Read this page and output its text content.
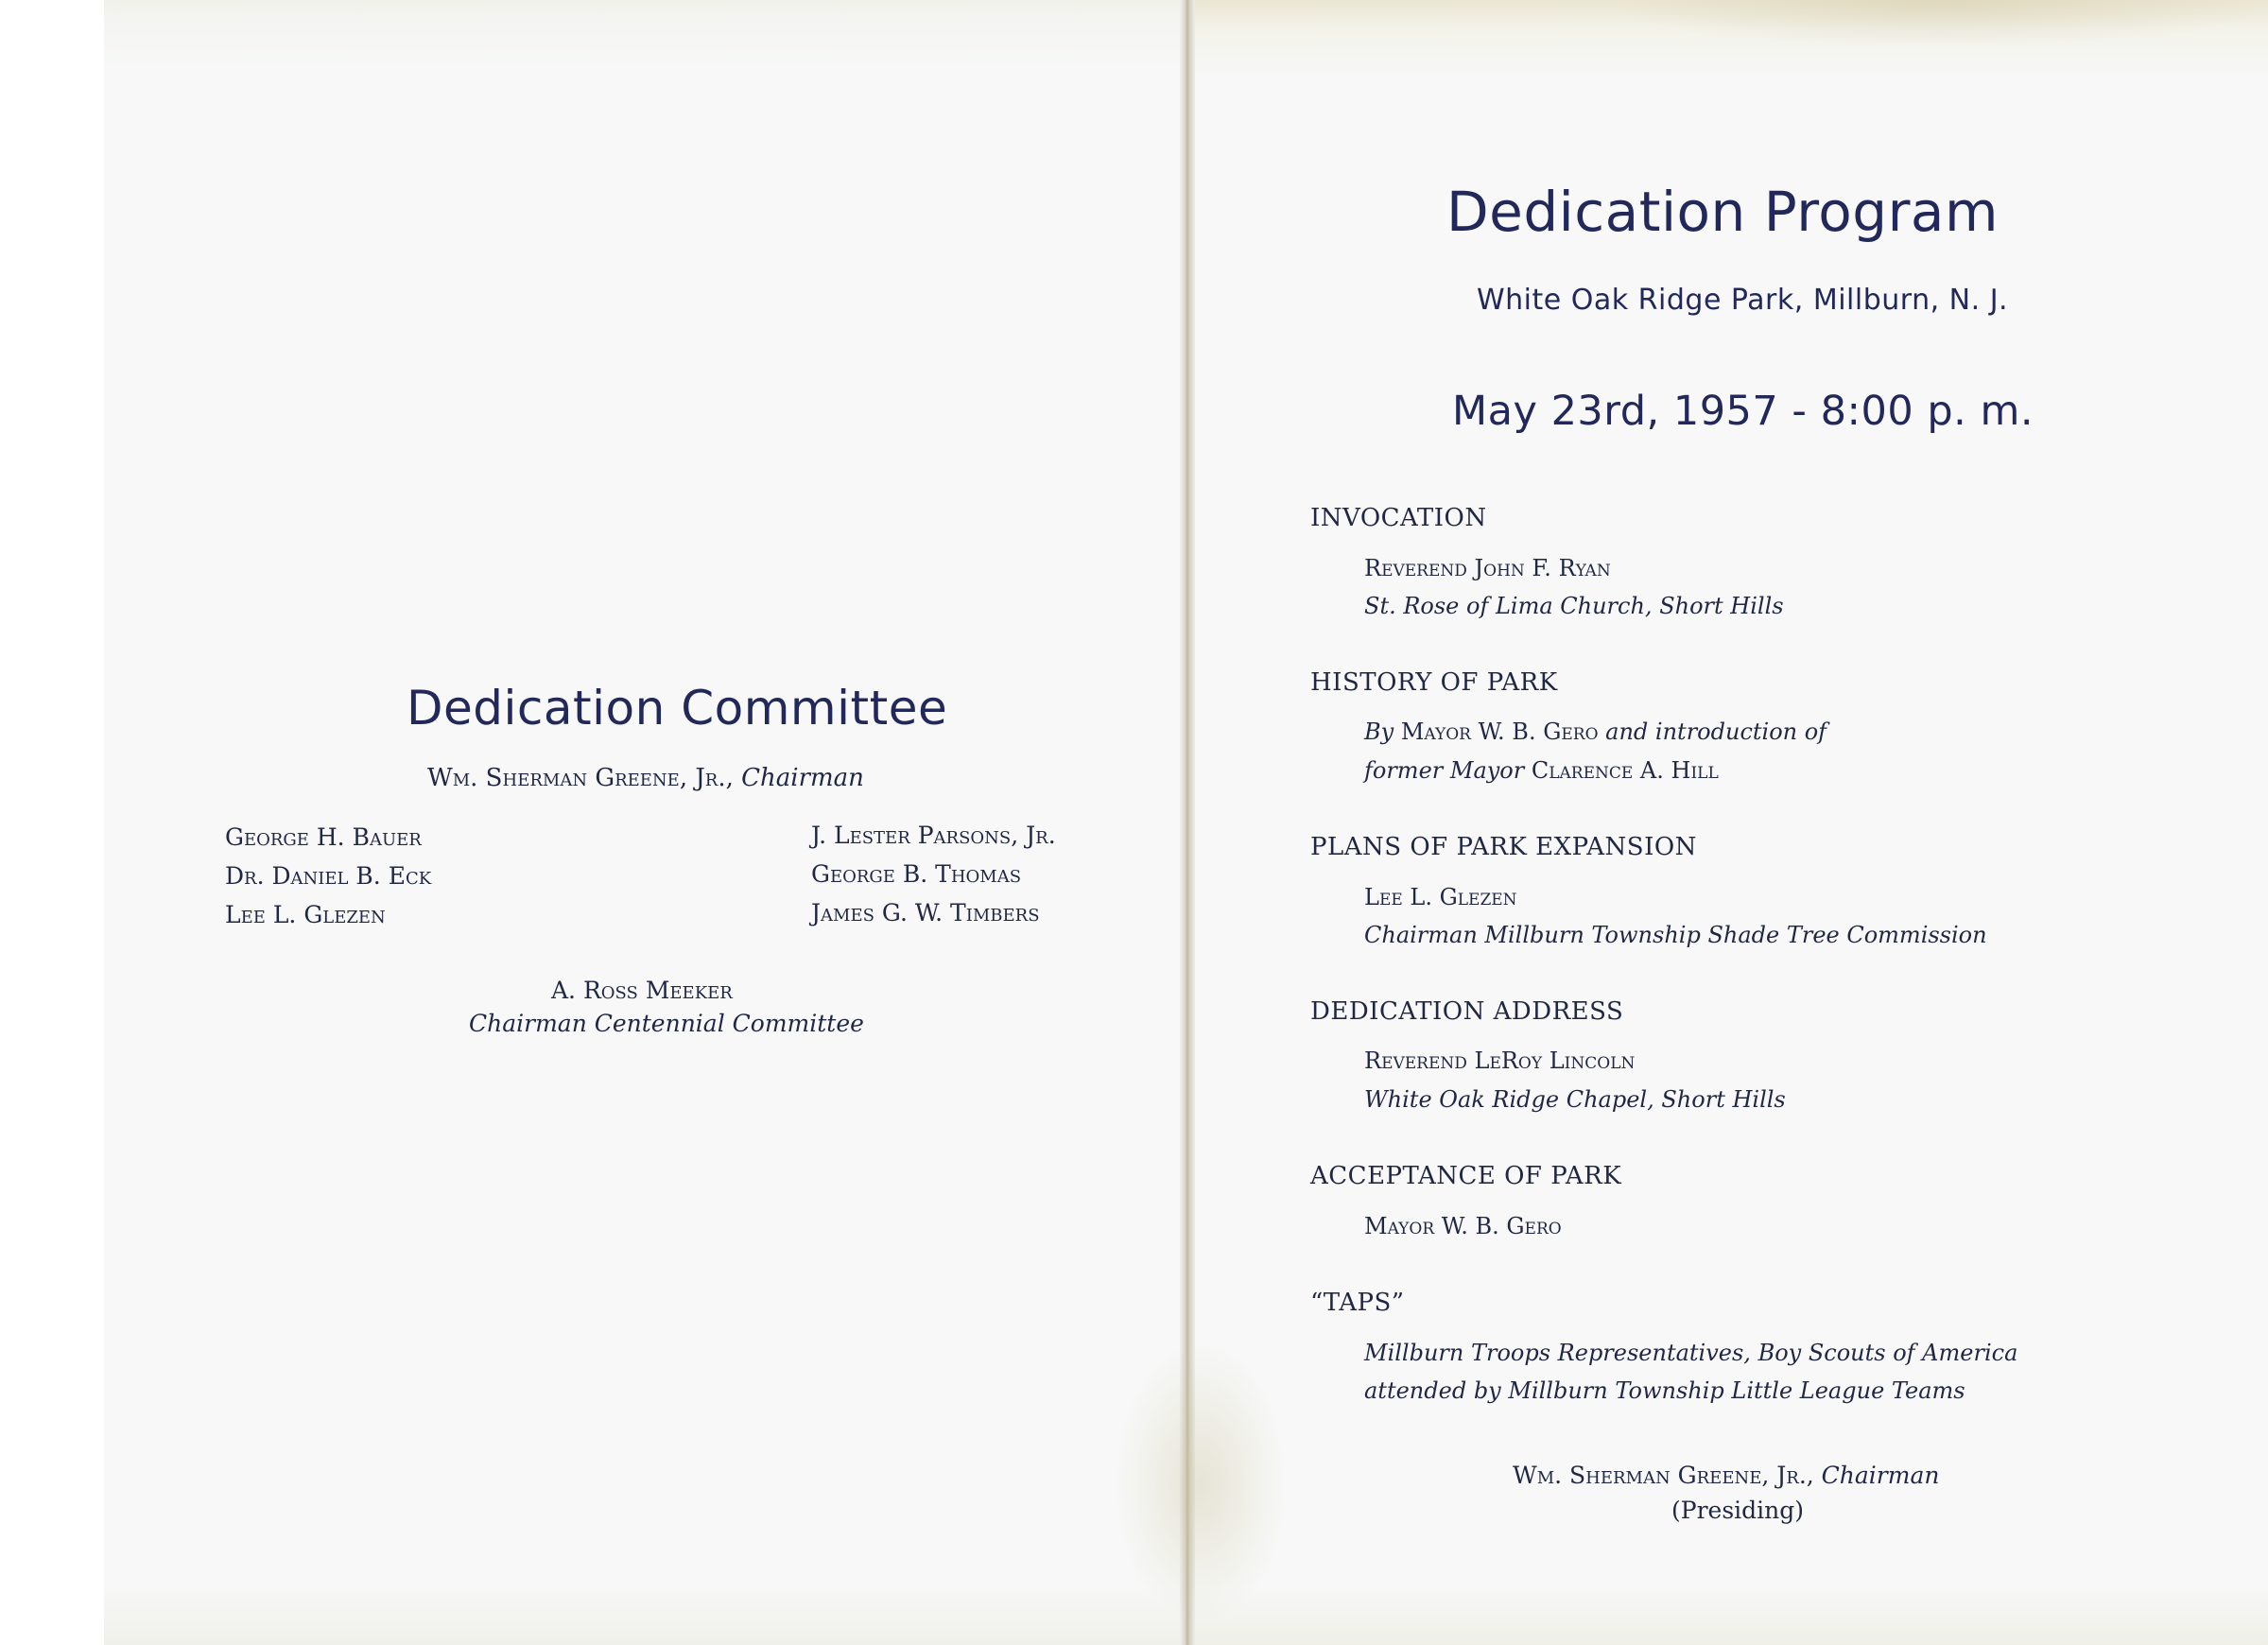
Dedication Committee
Wm. Sherman Greene, Jr., Chairman
George H. Bauer
Dr. Daniel B. Eck
Lee L. Glezen
J. Lester Parsons, Jr.
George B. Thomas
James G. W. Timbers
A. Ross Meeker
Chairman Centennial Committee
Dedication Program
White Oak Ridge Park, Millburn, N. J.
May 23rd, 1957 - 8:00 p. m.
INVOCATION
Reverend John F. Ryan
St. Rose of Lima Church, Short Hills
HISTORY OF PARK
By Mayor W. B. Gero and introduction of
former Mayor Clarence A. Hill
PLANS OF PARK EXPANSION
Lee L. Glezen
Chairman Millburn Township Shade Tree Commission
DEDICATION ADDRESS
Reverend LeRoy Lincoln
White Oak Ridge Chapel, Short Hills
ACCEPTANCE OF PARK
Mayor W. B. Gero
“TAPS”
Millburn Troops Representatives, Boy Scouts of America
attended by Millburn Township Little League Teams
Wm. Sherman Greene, Jr., Chairman
(Presiding)
